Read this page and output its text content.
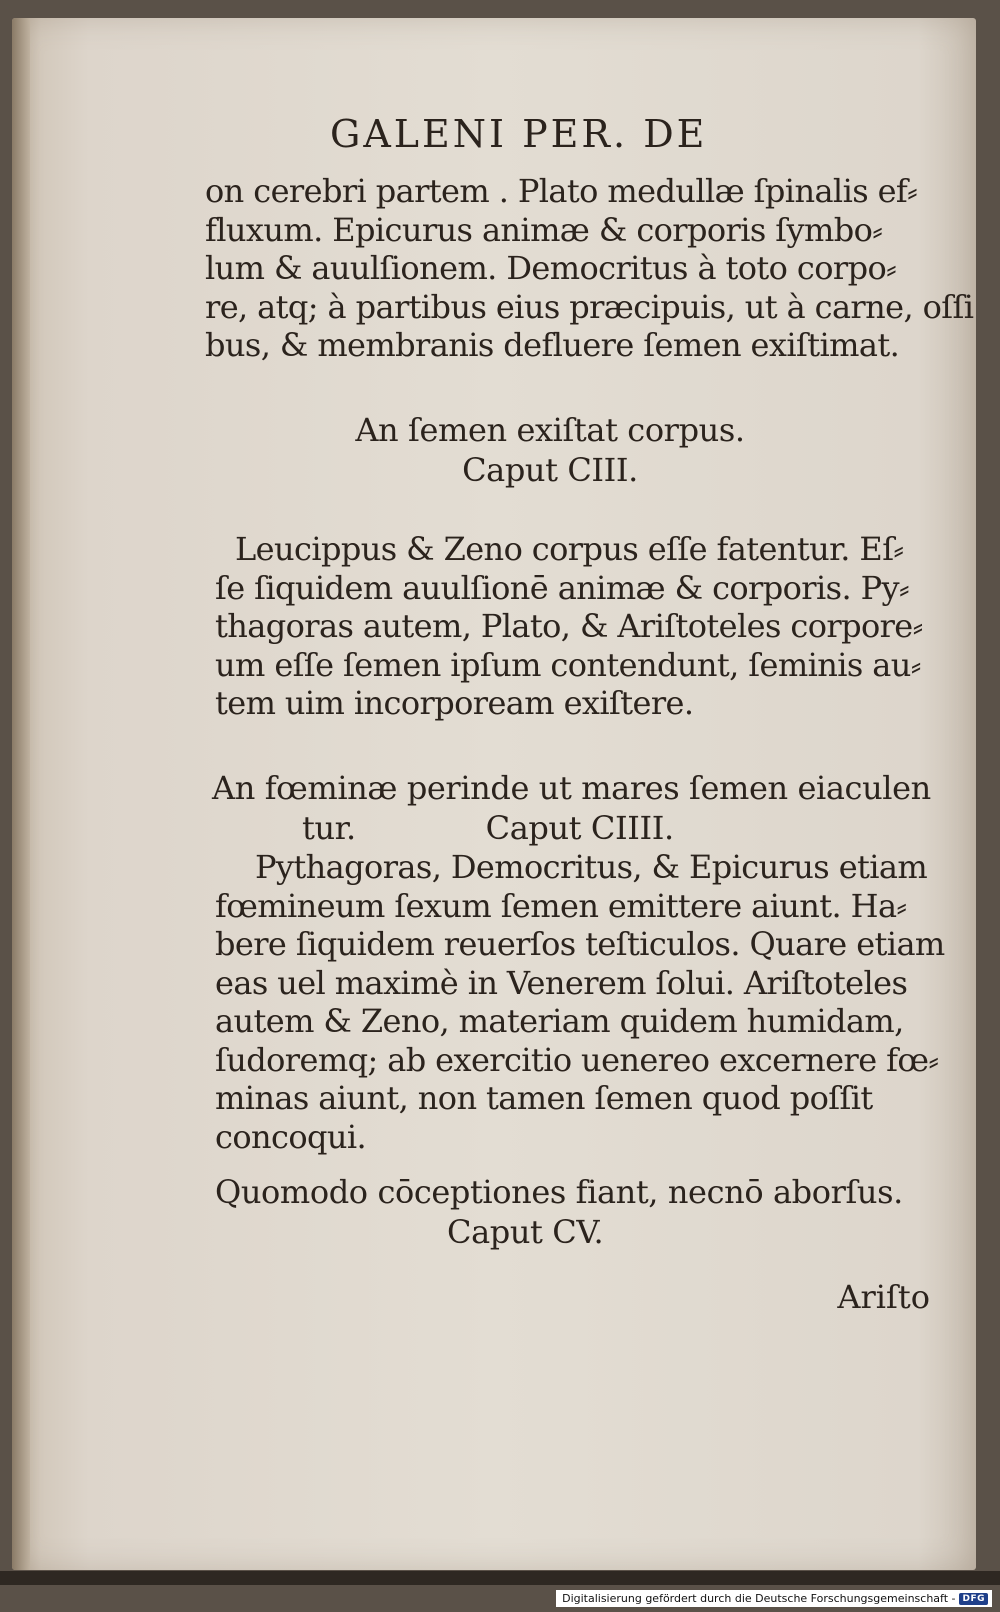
GALENI PER. DE
on cerebri partem . Plato medullæ ſpinalis ef⸗
fluxum. Epicurus animæ & corporis ſymbo⸗
lum & auulſionem. Democritus à toto corpo⸗
re, atq; à partibus eius præcipuis, ut à carne, oſſi
bus, & membranis defluere ſemen exiſtimat.
An ſemen exiſtat corpus.
Caput CIII.
Leucippus & Zeno corpus eſſe fatentur. Eſ⸗
ſe ſiquidem auulſionē animæ & corporis. Py⸗
thagoras autem, Plato, & Ariſtoteles corpore⸗
um eſſe ſemen ipſum contendunt, ſeminis au⸗
tem uim incorpoream exiſtere.
An fœminæ perinde ut mares ſemen eiaculen
tur.	Caput CIIII.
Pythagoras, Democritus, & Epicurus etiam
fœmineum ſexum ſemen emittere aiunt. Ha⸗
bere ſiquidem reuerſos teſticulos. Quare etiam
eas uel maximè in Venerem ſolui. Ariſtoteles
autem & Zeno, materiam quidem humidam,
ſudoremq; ab exercitio uenereo excernere fœ⸗
minas aiunt, non tamen ſemen quod poſſit
concoqui.
Quomodo cōceptiones fiant, necnō aborſus.
Caput CV.
Ariſto
Digitalisierung gefördert durch die Deutsche Forschungsgemeinschaft - DFG
